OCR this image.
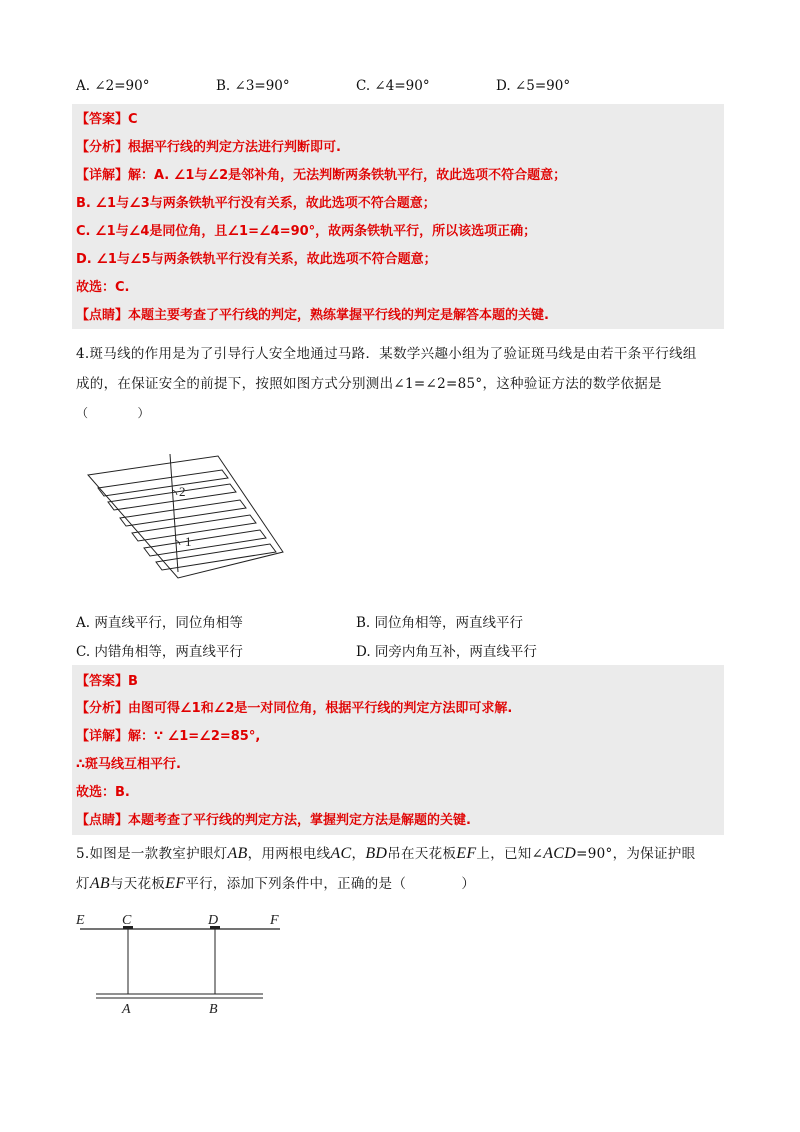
A. ∠2=90°	B. ∠3=90°	C. ∠4=90°	D. ∠5=90°
【答案】C
【分析】根据平行线的判定方法进行判断即可.
【详解】解：A. ∠1与∠2是邻补角，无法判断两条铁轨平行，故此选项不符合题意；
B. ∠1与∠3与两条铁轨平行没有关系，故此选项不符合题意；
C. ∠1与∠4是同位角，且∠1=∠4=90°，故两条铁轨平行，所以该选项正确；
D. ∠1与∠5与两条铁轨平行没有关系，故此选项不符合题意；
故选：C.
【点睛】本题主要考查了平行线的判定，熟练掌握平行线的判定是解答本题的关键.
4.斑马线的作用是为了引导行人安全地通过马路．某数学兴趣小组为了验证斑马线是由若干条平行线组
成的，在保证安全的前提下，按照如图方式分别测出∠1=∠2=85°，这种验证方法的数学依据是
（　　　　）
2
1
A. 两直线平行，同位角相等	B. 同位角相等，两直线平行
C. 内错角相等，两直线平行	D. 同旁内角互补，两直线平行
【答案】B
【分析】由图可得∠1和∠2是一对同位角，根据平行线的判定方法即可求解.
【详解】解：∵ ∠1=∠2=85°,
∴斑马线互相平行.
故选：B.
【点睛】本题考查了平行线的判定方法，掌握判定方法是解题的关键.
5.如图是一款教室护眼灯AB，用两根电线AC，BD吊在天花板EF上，已知∠ACD=90°，为保证护眼
灯AB与天花板EF平行，添加下列条件中，正确的是（　　　　）
E	C	D	F
A	B
